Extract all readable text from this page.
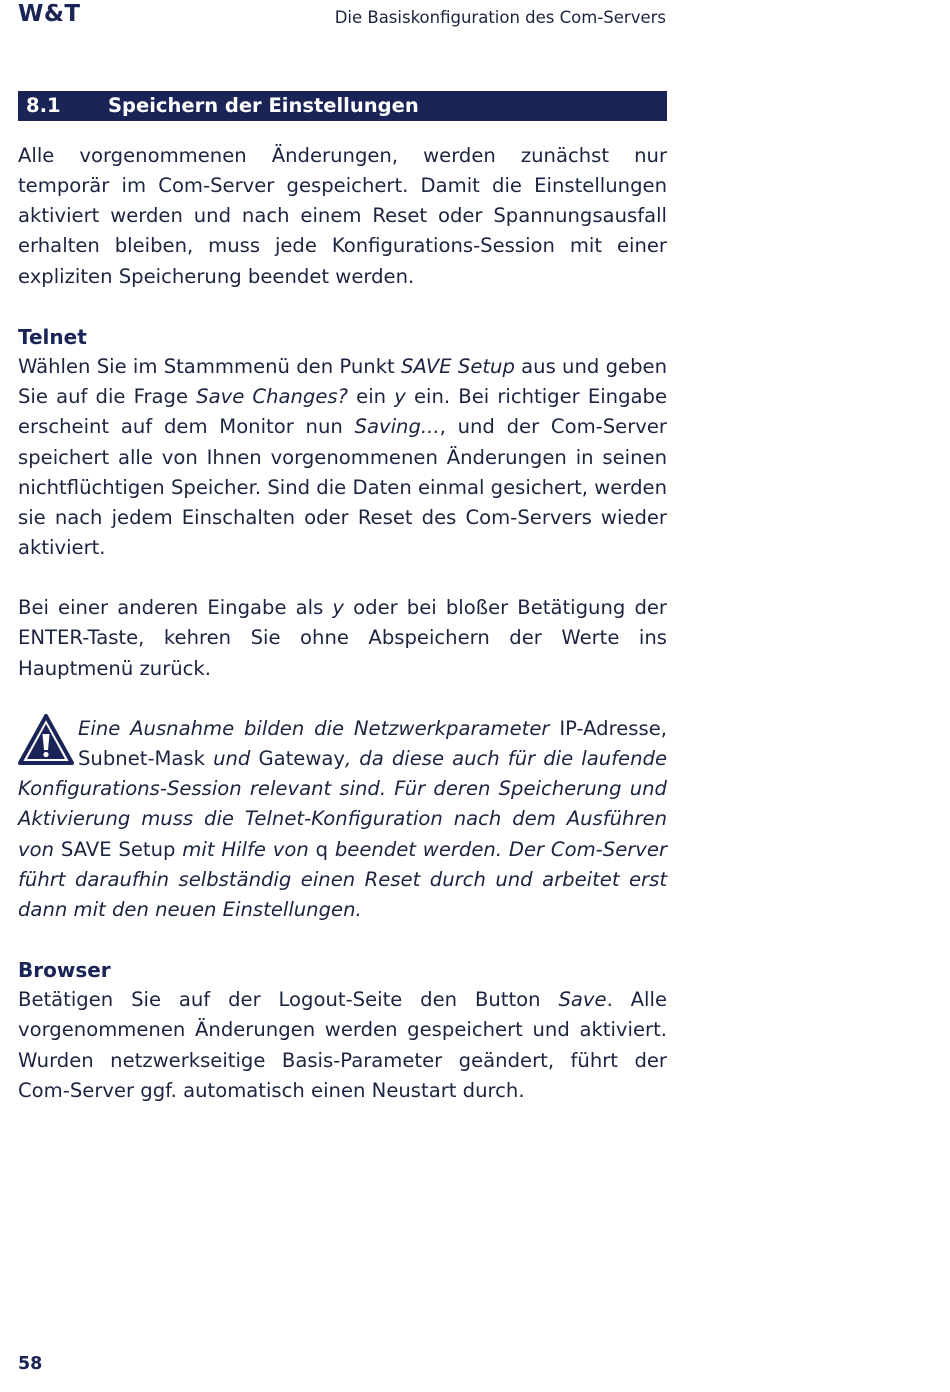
W&T	Die Basiskonfiguration des Com-Servers
8.1 Speichern der Einstellungen

Alle vorgenommenen Änderungen, werden zunächst nur temporär im Com-Server gespeichert. Damit die Einstellungen aktiviert werden und nach einem Reset oder Spannungsausfall erhalten bleiben, muss jede Konfigurations-Session mit einer expliziten Speicherung beendet werden.

Telnet

Wählen Sie im Stammmenü den Punkt SAVE Setup aus und geben Sie auf die Frage Save Changes? ein y ein. Bei richtiger Eingabe erscheint auf dem Monitor nun Saving..., und der Com-Server speichert alle von Ihnen vorgenommenen Änderungen in seinen nichtflüchtigen Speicher. Sind die Daten einmal gesichert, werden sie nach jedem Einschalten oder Reset des Com-Servers wieder aktiviert.

Bei einer anderen Eingabe als y oder bei bloßer Betätigung der ENTER-Taste, kehren Sie ohne Abspeichern der Werte ins Hauptmenü zurück.

Eine Ausnahme bilden die Netzwerkparameter IP-Adresse, Subnet-Mask und Gateway, da diese auch für die laufende Konfigurations-Session relevant sind. Für deren Speicherung und Aktivierung muss die Telnet-Konfiguration nach dem Ausführen von SAVE Setup mit Hilfe von q beendet werden. Der Com-Server führt daraufhin selbständig einen Reset durch und arbeitet erst dann mit den neuen Einstellungen.
Browser

Betätigen Sie auf der Logout-Seite den Button Save. Alle vorgenommenen Änderungen werden gespeichert und aktiviert. Wurden netzwerkseitige Basis-Parameter geändert, führt der Com-Server ggf. automatisch einen Neustart durch.

58
